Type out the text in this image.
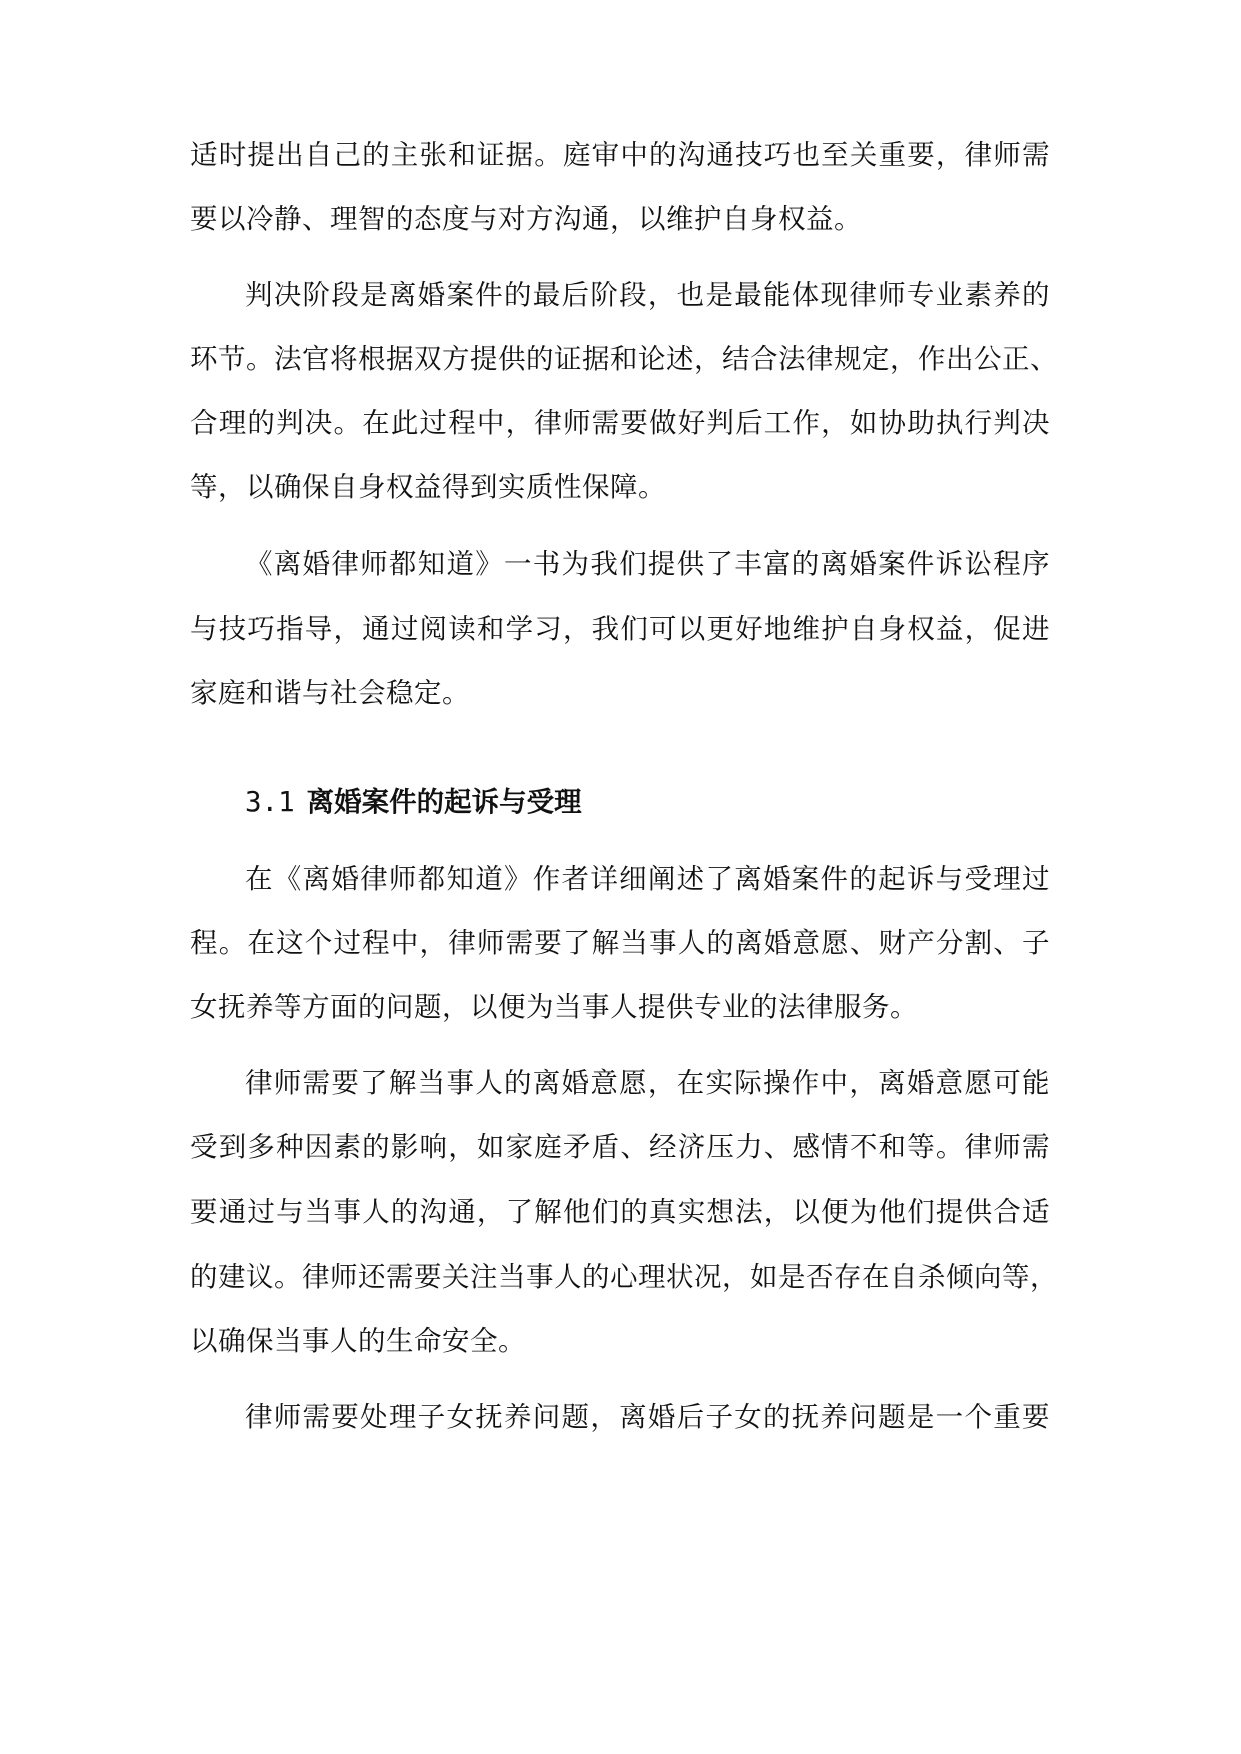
适时提出自己的主张和证据。庭审中的沟通技巧也至关重要，律师需
要以冷静、理智的态度与对方沟通，以维护自身权益。
判决阶段是离婚案件的最后阶段，也是最能体现律师专业素养的
环节。法官将根据双方提供的证据和论述，结合法律规定，作出公正、
合理的判决。在此过程中，律师需要做好判后工作，如协助执行判决
等，以确保自身权益得到实质性保障。
《离婚律师都知道》一书为我们提供了丰富的离婚案件诉讼程序
与技巧指导，通过阅读和学习，我们可以更好地维护自身权益，促进
家庭和谐与社会稳定。
3.1 离婚案件的起诉与受理
在《离婚律师都知道》作者详细阐述了离婚案件的起诉与受理过
程。在这个过程中，律师需要了解当事人的离婚意愿、财产分割、子
女抚养等方面的问题，以便为当事人提供专业的法律服务。
律师需要了解当事人的离婚意愿，在实际操作中，离婚意愿可能
受到多种因素的影响，如家庭矛盾、经济压力、感情不和等。律师需
要通过与当事人的沟通，了解他们的真实想法，以便为他们提供合适
的建议。律师还需要关注当事人的心理状况，如是否存在自杀倾向等，
以确保当事人的生命安全。
律师需要处理子女抚养问题，离婚后子女的抚养问题是一个重要
